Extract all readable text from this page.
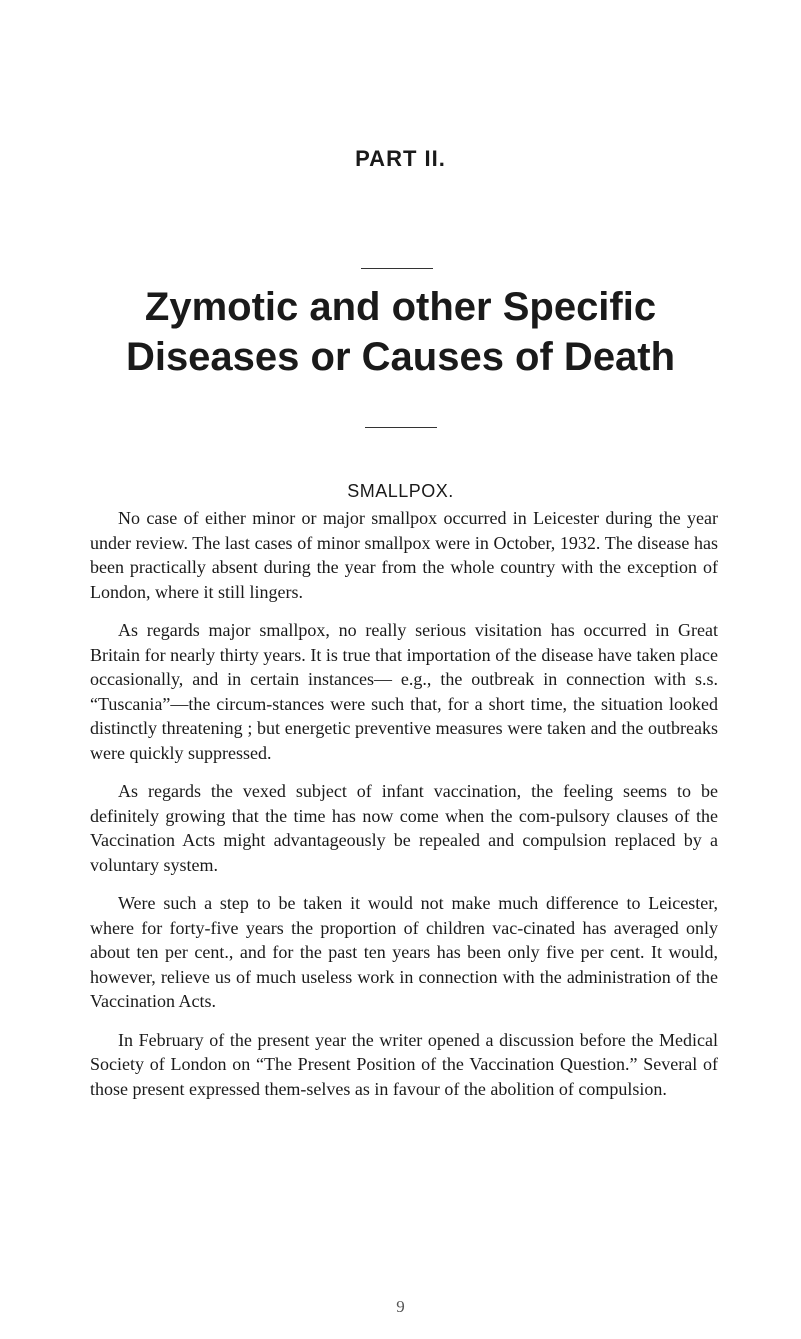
PART II.
Zymotic and other Specific
Diseases or Causes of Death
SMALLPOX.

No case of either minor or major smallpox occurred in Leicester during the year under review. The last cases of minor smallpox were in October, 1932. The disease has been practically absent during the year from the whole country with the exception of London, where it still lingers.

As regards major smallpox, no really serious visitation has occurred in Great Britain for nearly thirty years. It is true that importation of the disease have taken place occasionally, and in certain instances— e.g., the outbreak in connection with s.s. “Tuscania”—the circum-stances were such that, for a short time, the situation looked distinctly threatening ; but energetic preventive measures were taken and the outbreaks were quickly suppressed.

As regards the vexed subject of infant vaccination, the feeling seems to be definitely growing that the time has now come when the com-pulsory clauses of the Vaccination Acts might advantageously be repealed and compulsion replaced by a voluntary system.

Were such a step to be taken it would not make much difference to Leicester, where for forty-five years the proportion of children vac-cinated has averaged only about ten per cent., and for the past ten years has been only five per cent. It would, however, relieve us of much useless work in connection with the administration of the Vaccination Acts.

In February of the present year the writer opened a discussion before the Medical Society of London on “The Present Position of the Vaccination Question.” Several of those present expressed them-selves as in favour of the abolition of compulsion.

9
